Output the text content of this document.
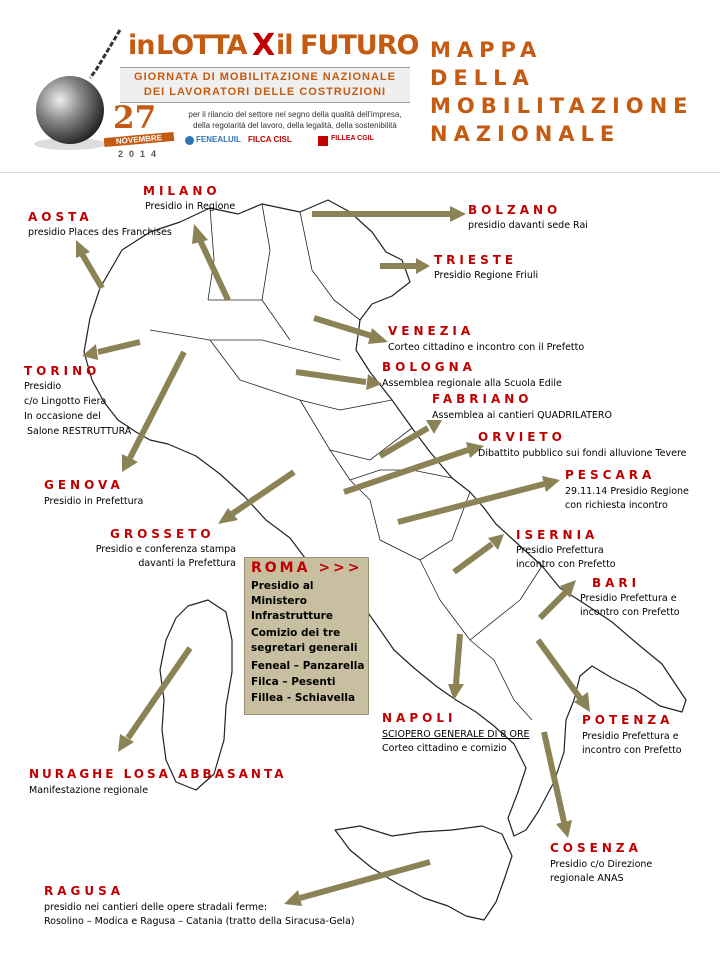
in LOTTA X il FUTURO
GIORNATA DI MOBILITAZIONE NAZIONALE
DEI LAVORATORI DELLE COSTRUZIONI
27
NOVEMBRE
2014
per il rilancio del settore nel segno della qualità dell'impresa,
della regolarità del lavoro, della legalità, della sostenibilità
FENEALUIL FILCA CISL	FILLEA CGIL
MAPPA
DELLA
MOBILITAZIONE
NAZIONALE
MILANO
Presidio in Regione
AOSTA
presidio Places des Franchises
BOLZANO
presidio davanti sede Rai
TRIESTE
Presidio Regione Friuli
VENEZIA
Corteo cittadino e incontro con il Prefetto
TORINO
Presidio
c/o Lingotto Fiera
In occasione del
Salone RESTRUTTURA
BOLOGNA
Assemblea regionale alla Scuola Edile
FABRIANO
Assemblea ai cantieri QUADRILATERO
ORVIETO
Dibattito pubblico sui fondi alluvione Tevere
GENOVA
Presidio in Prefettura
PESCARA
29.11.14 Presidio Regione
con richiesta incontro
GROSSETO
Presidio e conferenza stampa
davanti la Prefettura
ISERNIA
Presidio Prefettura
incontro con Prefetto
BARI
Presidio Prefettura e
incontro con Prefetto
ROMA >>>
Presidio al
Ministero
Infrastrutture
Comizio dei tre
segretari generali
Feneal – Panzarella
Filca – Pesenti
Fillea - Schiavella
NAPOLI
SCIOPERO GENERALE DI 8 ORE
Corteo cittadino e comizio
POTENZA
Presidio Prefettura e
incontro con Prefetto
NURAGHE LOSA ABBASANTA
Manifestazione regionale
COSENZA
Presidio c/o Direzione
regionale ANAS
RAGUSA
presidio nei cantieri delle opere stradali ferme:
Rosolino – Modica e Ragusa – Catania (tratto della Siracusa-Gela)
